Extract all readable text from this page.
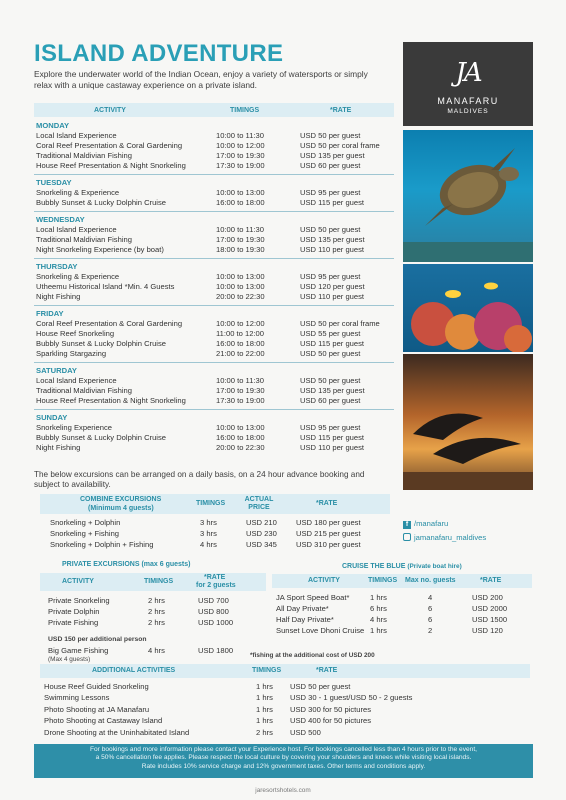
ISLAND ADVENTURE
Explore the underwater world of the Indian Ocean, enjoy a variety of watersports or simply relax with a unique castaway experience on a private island.
ACTIVITY	TIMINGS	*RATE
MONDAY
Local Island Experience	10:00 to 11:30	USD 50 per guest
Coral Reef Presentation & Coral Gardening	10:00 to 12:00	USD 50 per coral frame
Traditional Maldivian Fishing	17:00 to 19:30	USD 135 per guest
House Reef Presentation & Night Snorkeling	17:30 to 19:00	USD 60 per guest
TUESDAY
Snorkeling & Experience	10:00 to 13:00	USD 95 per guest
Bubbly Sunset & Lucky Dolphin Cruise	16:00 to 18:00	USD 115 per guest
WEDNESDAY
Local Island Experience	10:00 to 11:30	USD 50 per guest
Traditional Maldivian Fishing	17:00 to 19:30	USD 135 per guest
Night Snorkeling Experience (by boat)	18:00 to 19:30	USD 110 per guest
THURSDAY
Snorkeling & Experience	10:00 to 13:00	USD 95 per guest
Utheemu Historical Island *Min. 4 Guests	10:00 to 13:00	USD 120 per guest
Night Fishing	20:00 to 22:30	USD 110 per guest
FRIDAY
Coral Reef Presentation & Coral Gardening	10:00 to 12:00	USD 50 per coral frame
House Reef Snorkeling	11:00 to 12:00	USD 55 per guest
Bubbly Sunset & Lucky Dolphin Cruise	16:00 to 18:00	USD 115 per guest
Sparkling Stargazing	21:00 to 22:00	USD 50 per guest
SATURDAY
Local Island Experience	10:00 to 11:30	USD 50 per guest
Traditional Maldivian Fishing	17:00 to 19:30	USD 135 per guest
House Reef Presentation & Night Snorkeling	17:30 to 19:00	USD 60 per guest
SUNDAY
Snorkeling Experience	10:00 to 13:00	USD 95 per guest
Bubbly Sunset & Lucky Dolphin Cruise	16:00 to 18:00	USD 115 per guest
Night Fishing	20:00 to 22:30	USD 110 per guest
JA
MANAFARU
MALDIVES
f /manafaru
jamanafaru_maldives
The below excursions can be arranged on a daily basis, on a 24 hour advance booking and subject to availability.
COMBINE EXCURSIONS
(Minimum 4 guests)
TIMINGS
ACTUAL PRICE
*RATE
Snorkeling + Dolphin	3 hrs	USD 210	USD 180 per guest
Snorkeling + Fishing	3 hrs	USD 230	USD 215 per guest
Snorkeling + Dolphin + Fishing	4 hrs	USD 345	USD 310 per guest
PRIVATE EXCURSIONS (max 6 guests)
ACTIVITY	TIMINGS
*RATE
for 2 guests
Private Snorkeling	2 hrs	USD 700
Private Dolphin	2 hrs	USD 800
Private Fishing	2 hrs	USD 1000
USD 150 per additional person
Big Game Fishing	4 hrs	USD 1800
(Max 4 guests)
CRUISE THE BLUE (Private boat hire)
ACTIVITY	TIMINGS Max no. guests	*RATE
JA Sport Speed Boat*	1 hrs	4	USD 200
All Day Private*	6 hrs	6	USD 2000
Half Day Private*	4 hrs	6	USD 1500
Sunset Love Dhoni Cruise 1 hrs	2	USD 120
*fishing at the additional cost of USD 200
ADDITIONAL ACTIVITIES	TIMINGS	*RATE
House Reef Guided Snorkeling	1 hrs USD 50 per guest
Swimming Lessons	1 hrs USD 30 - 1 guest/USD 50 - 2 guests
Photo Shooting at JA Manafaru	1 hrs USD 300 for 50 pictures
Photo Shooting at Castaway Island	1 hrs USD 400 for 50 pictures
Drone Shooting at the Uninhabitated Island	2 hrs USD 500
For bookings and more information please contact your Experience host. For bookings cancelled less than 4 hours prior to the event,
a 50% cancellation fee applies. Please respect the local culture by covering your shoulders and knees while visiting local islands.
Rate includes 10% service charge and 12% government taxes. Other terms and conditions apply.
jaresortshotels.com
